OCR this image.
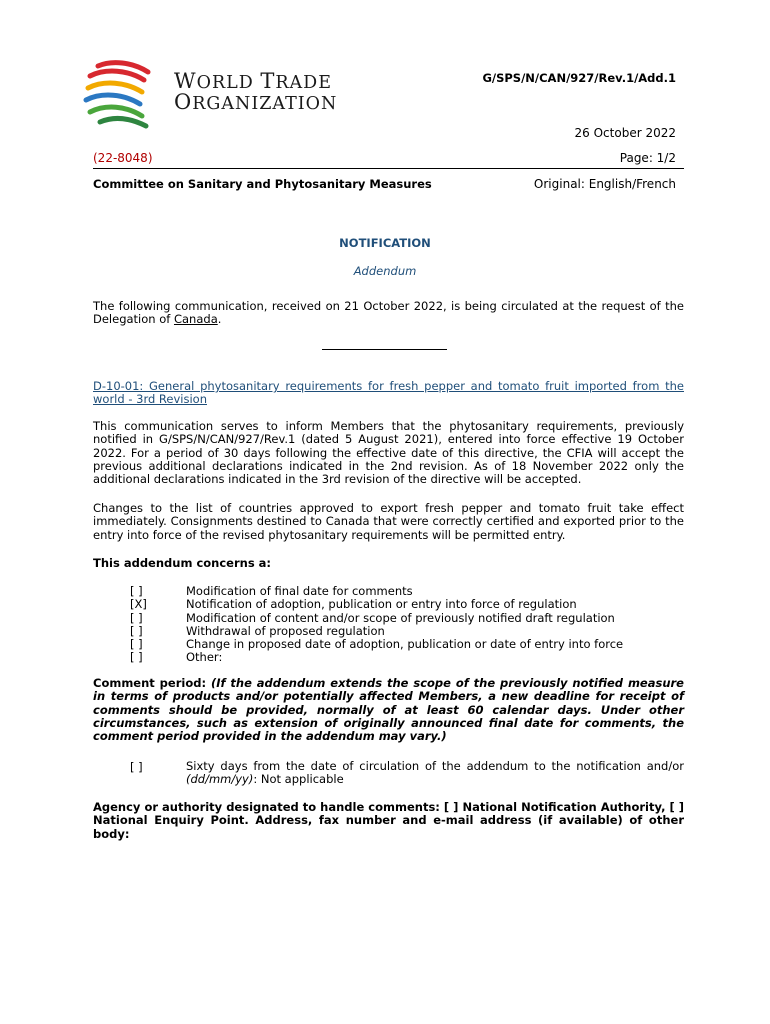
WORLD TRADE
ORGANIZATION
G/SPS/N/CAN/927/Rev.1/Add.1
26 October 2022
(22-8048)	Page: 1/2
Committee on Sanitary and Phytosanitary Measures	Original: English/French
NOTIFICATION
Addendum
The following communication, received on 21 October 2022, is being circulated at the request of the Delegation of Canada.
D-10-01: General phytosanitary requirements for fresh pepper and tomato fruit imported from the world - 3rd Revision
This communication serves to inform Members that the phytosanitary requirements, previously notified in G/SPS/N/CAN/927/Rev.1 (dated 5 August 2021), entered into force effective 19 October 2022. For a period of 30 days following the effective date of this directive, the CFIA will accept the previous additional declarations indicated in the 2nd revision. As of 18 November 2022 only the additional declarations indicated in the 3rd revision of the directive will be accepted.
Changes to the list of countries approved to export fresh pepper and tomato fruit take effect immediately. Consignments destined to Canada that were correctly certified and exported prior to the entry into force of the revised phytosanitary requirements will be permitted entry.
This addendum concerns a:
[ ]	Modification of final date for comments
[X]	Notification of adoption, publication or entry into force of regulation
[ ]	Modification of content and/or scope of previously notified draft regulation
[ ]	Withdrawal of proposed regulation
[ ]	Change in proposed date of adoption, publication or date of entry into force
[ ]	Other:
Comment period: (If the addendum extends the scope of the previously notified measure in terms of products and/or potentially affected Members, a new deadline for receipt of comments should be provided, normally of at least 60 calendar days. Under other circumstances, such as extension of originally announced final date for comments, the comment period provided in the addendum may vary.)
[ ]	Sixty days from the date of circulation of the addendum to the notification and/or (dd/mm/yy): Not applicable
Agency or authority designated to handle comments: [ ] National Notification Authority, [ ] National Enquiry Point. Address, fax number and e-mail address (if available) of other body:
